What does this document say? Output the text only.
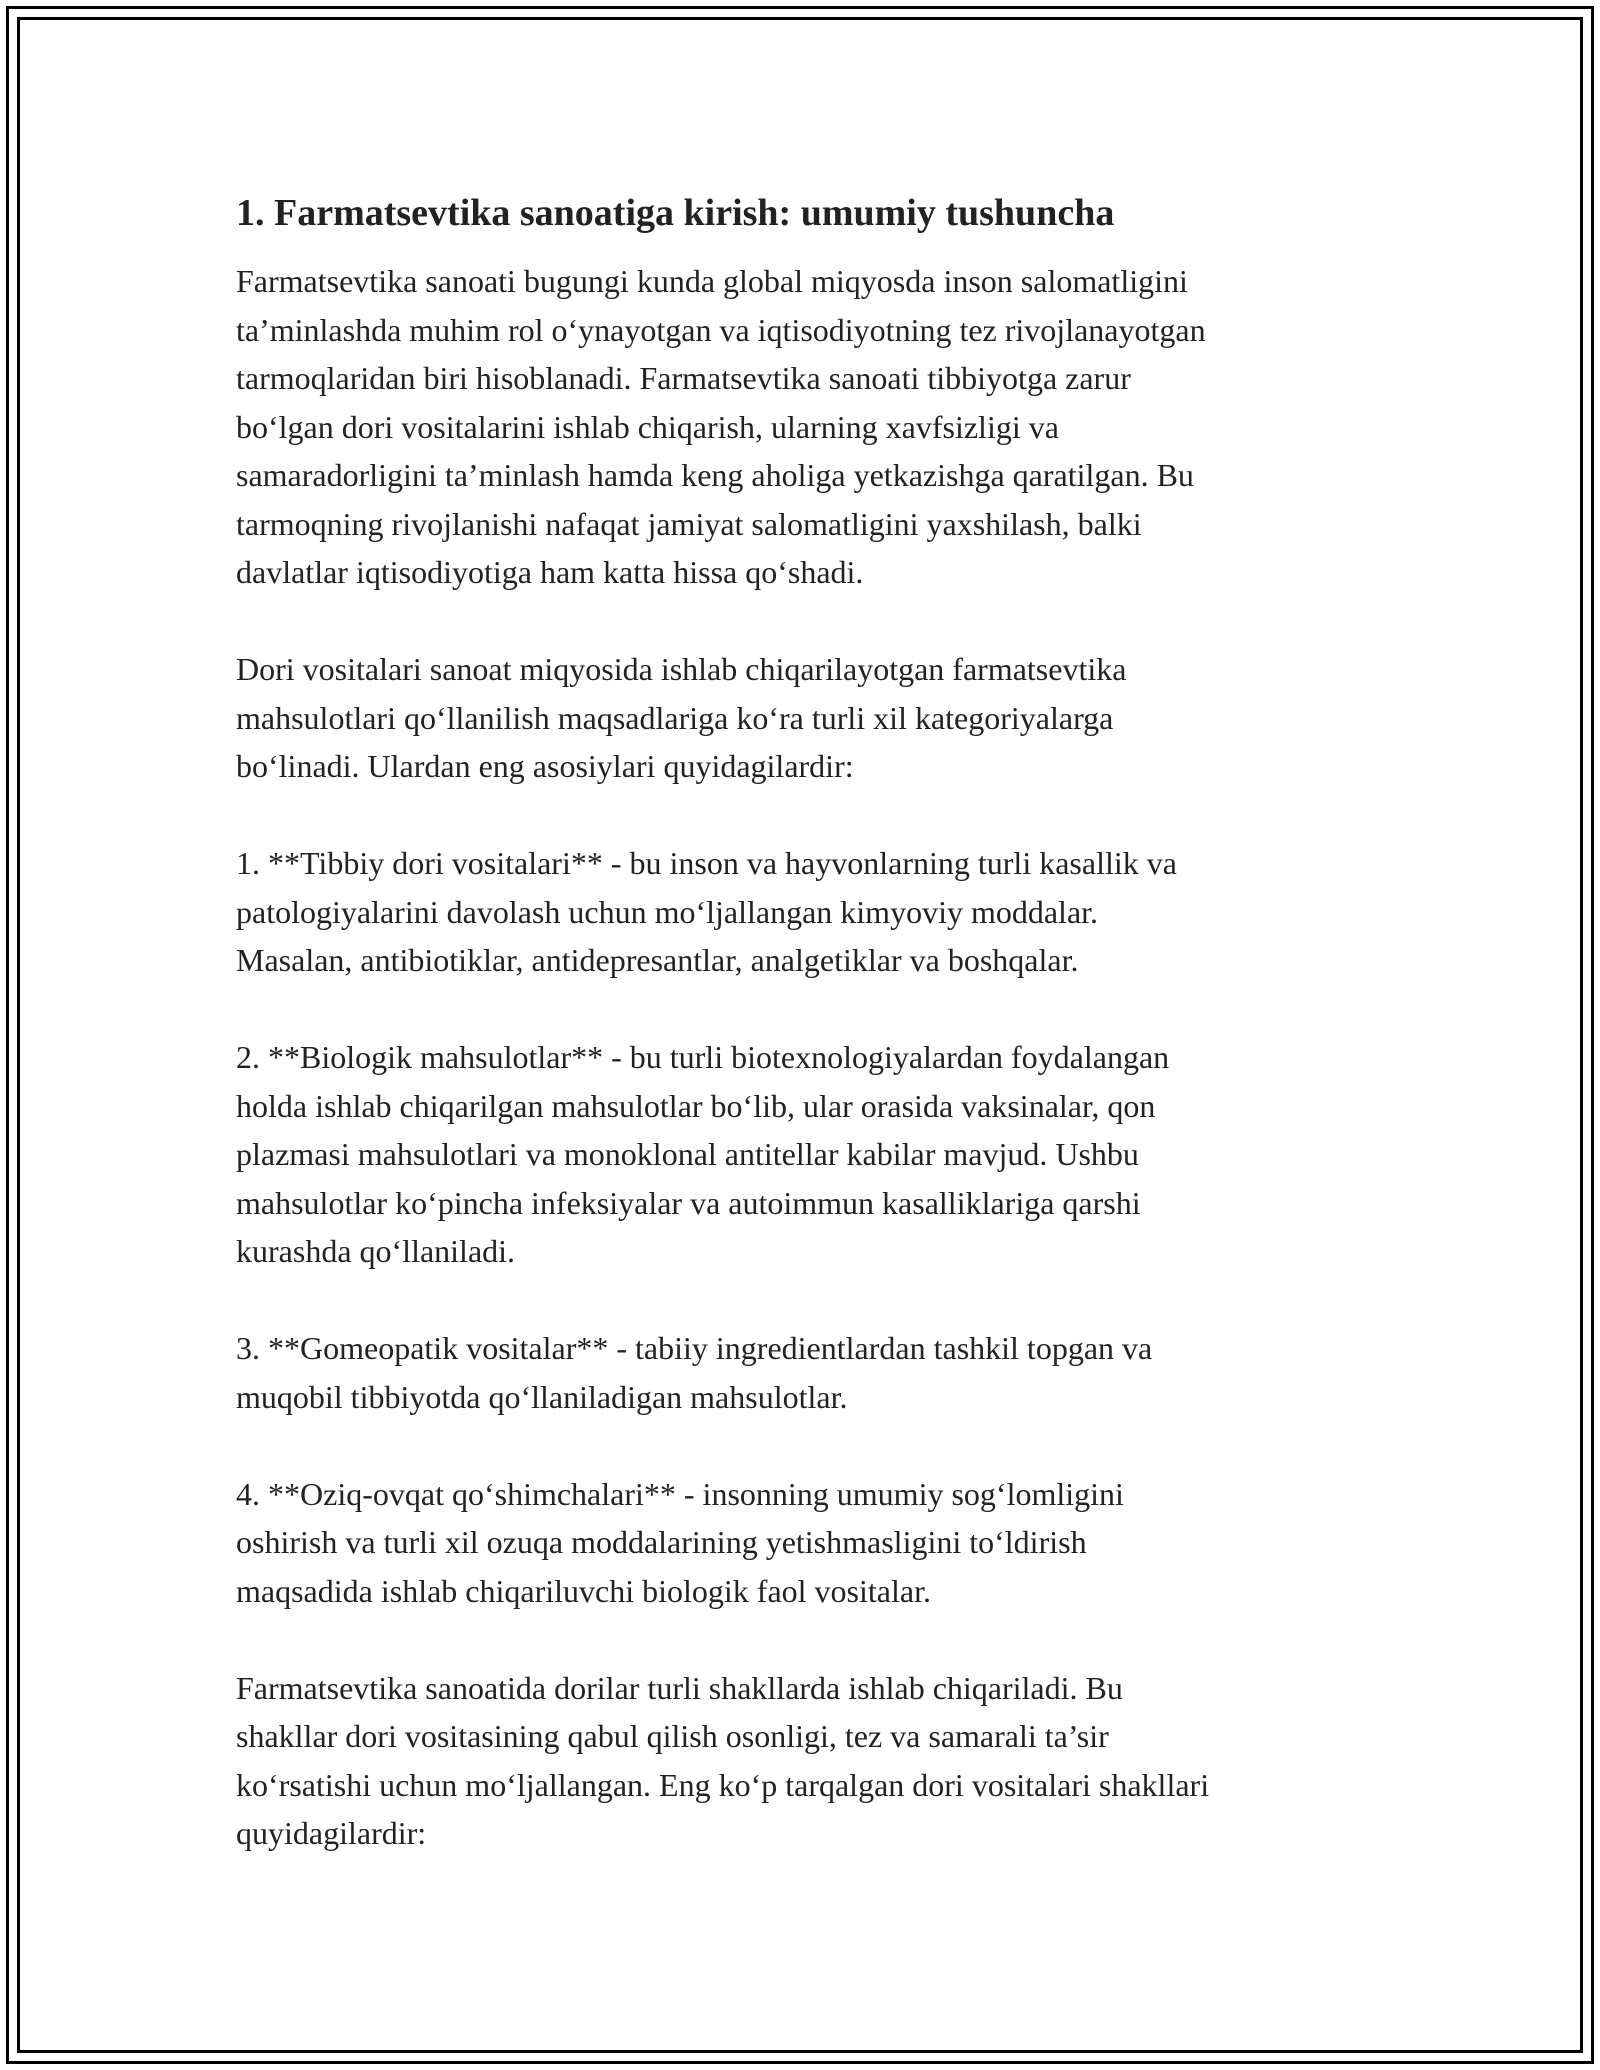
1. Farmatsevtika sanoatiga kirish: umumiy tushuncha

Farmatsevtika sanoati bugungi kunda global miqyosda inson salomatligini
ta’minlashda muhim rol o‘ynayotgan va iqtisodiyotning tez rivojlanayotgan
tarmoqlaridan biri hisoblanadi. Farmatsevtika sanoati tibbiyotga zarur
bo‘lgan dori vositalarini ishlab chiqarish, ularning xavfsizligi va
samaradorligini ta’minlash hamda keng aholiga yetkazishga qaratilgan. Bu
tarmoqning rivojlanishi nafaqat jamiyat salomatligini yaxshilash, balki
davlatlar iqtisodiyotiga ham katta hissa qo‘shadi.

Dori vositalari sanoat miqyosida ishlab chiqarilayotgan farmatsevtika
mahsulotlari qo‘llanilish maqsadlariga ko‘ra turli xil kategoriyalarga
bo‘linadi. Ulardan eng asosiylari quyidagilardir:

1. **Tibbiy dori vositalari** - bu inson va hayvonlarning turli kasallik va
patologiyalarini davolash uchun mo‘ljallangan kimyoviy moddalar.
Masalan, antibiotiklar, antidepresantlar, analgetiklar va boshqalar.

2. **Biologik mahsulotlar** - bu turli biotexnologiyalardan foydalangan
holda ishlab chiqarilgan mahsulotlar bo‘lib, ular orasida vaksinalar, qon
plazmasi mahsulotlari va monoklonal antitellar kabilar mavjud. Ushbu
mahsulotlar ko‘pincha infeksiyalar va autoimmun kasalliklariga qarshi
kurashda qo‘llaniladi.

3. **Gomeopatik vositalar** - tabiiy ingredientlardan tashkil topgan va
muqobil tibbiyotda qo‘llaniladigan mahsulotlar.

4. **Oziq-ovqat qo‘shimchalari** - insonning umumiy sog‘lomligini
oshirish va turli xil ozuqa moddalarining yetishmasligini to‘ldirish
maqsadida ishlab chiqariluvchi biologik faol vositalar.

Farmatsevtika sanoatida dorilar turli shakllarda ishlab chiqariladi. Bu
shakllar dori vositasining qabul qilish osonligi, tez va samarali ta’sir
ko‘rsatishi uchun mo‘ljallangan. Eng ko‘p tarqalgan dori vositalari shakllari
quyidagilardir:
